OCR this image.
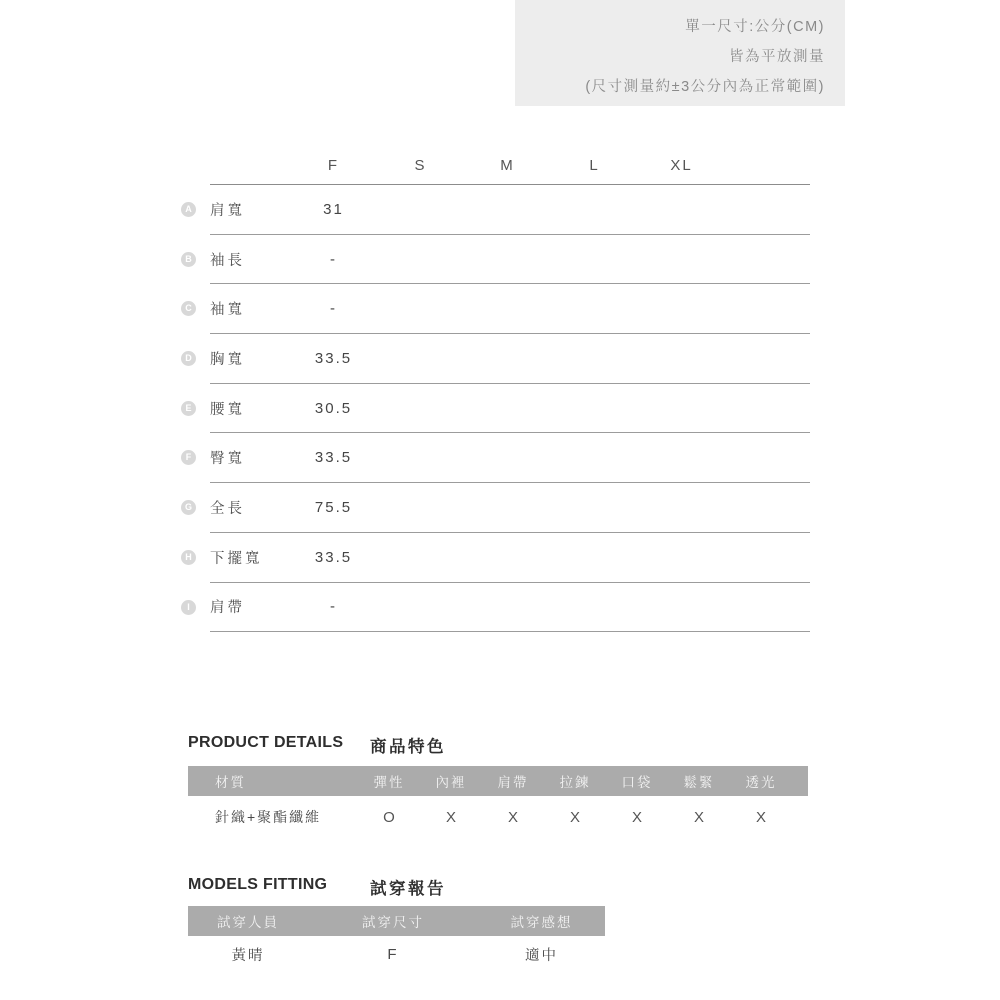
單一尺寸:公分(CM)
皆為平放測量
(尺寸測量約±3公分內為正常範圍)
F	S	M	L	XL
A 肩寬	31
B 袖長	-
C 袖寬	-
D 胸寬	33.5
E	腰寬	30.5
F	臀寬	33.5
G 全長	75.5
H 下擺寬	33.5
I	肩帶	-
PRODUCT DETAILS 商品特色
材質	彈性	內裡	肩帶	拉鍊	口袋	鬆緊	透光
針織+聚酯纖維	O	X	X	X	X	X	X
MODELS FITTING	試穿報告
試穿人員	試穿尺寸	試穿感想
黃晴	F	適中
